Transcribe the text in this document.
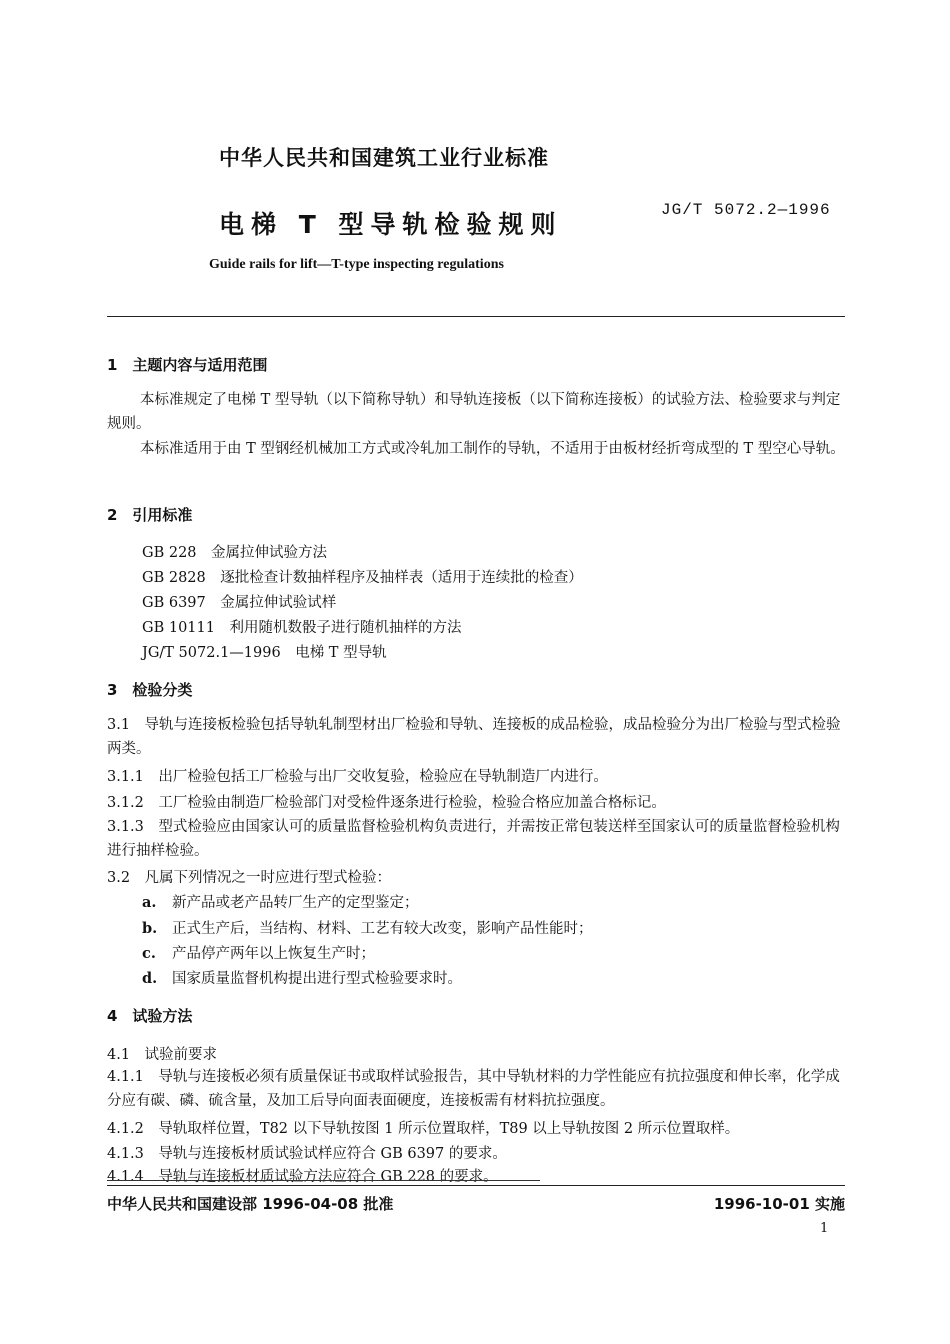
中华人民共和国建筑工业行业标准
电梯 T 型导轨检验规则	JG/T 5072.2—1996
Guide rails for lift—T-type inspecting regulations
1　主题内容与适用范围
本标准规定了电梯 T 型导轨（以下简称导轨）和导轨连接板（以下简称连接板）的试验方法、检验要求与判定规则。
本标准适用于由 T 型钢经机械加工方式或冷轧加工制作的导轨，不适用于由板材经折弯成型的 T 型空心导轨。
2　引用标准
GB 228　金属拉伸试验方法
GB 2828　逐批检查计数抽样程序及抽样表（适用于连续批的检查）
GB 6397　金属拉伸试验试样
GB 10111　利用随机数骰子进行随机抽样的方法
JG/T 5072.1—1996　电梯 T 型导轨
3　检验分类
3.1　导轨与连接板检验包括导轨轧制型材出厂检验和导轨、连接板的成品检验，成品检验分为出厂检验与型式检验两类。
3.1.1　出厂检验包括工厂检验与出厂交收复验，检验应在导轨制造厂内进行。
3.1.2　工厂检验由制造厂检验部门对受检件逐条进行检验，检验合格应加盖合格标记。
3.1.3　型式检验应由国家认可的质量监督检验机构负责进行，并需按正常包装送样至国家认可的质量监督检验机构进行抽样检验。
3.2　凡属下列情况之一时应进行型式检验：
a. 新产品或老产品转厂生产的定型鉴定；
b. 正式生产后，当结构、材料、工艺有较大改变，影响产品性能时；
c. 产品停产两年以上恢复生产时；
d. 国家质量监督机构提出进行型式检验要求时。
4　试验方法
4.1　试验前要求
4.1.1　导轨与连接板必须有质量保证书或取样试验报告，其中导轨材料的力学性能应有抗拉强度和伸长率，化学成分应有碳、磷、硫含量，及加工后导向面表面硬度，连接板需有材料抗拉强度。
4.1.2　导轨取样位置，T82 以下导轨按图 1 所示位置取样，T89 以上导轨按图 2 所示位置取样。
4.1.3　导轨与连接板材质试验试样应符合 GB 6397 的要求。
4.1.4　导轨与连接板材质试验方法应符合 GB 228 的要求。
中华人民共和国建设部 1996-04-08 批准	1996-10-01 实施
1
